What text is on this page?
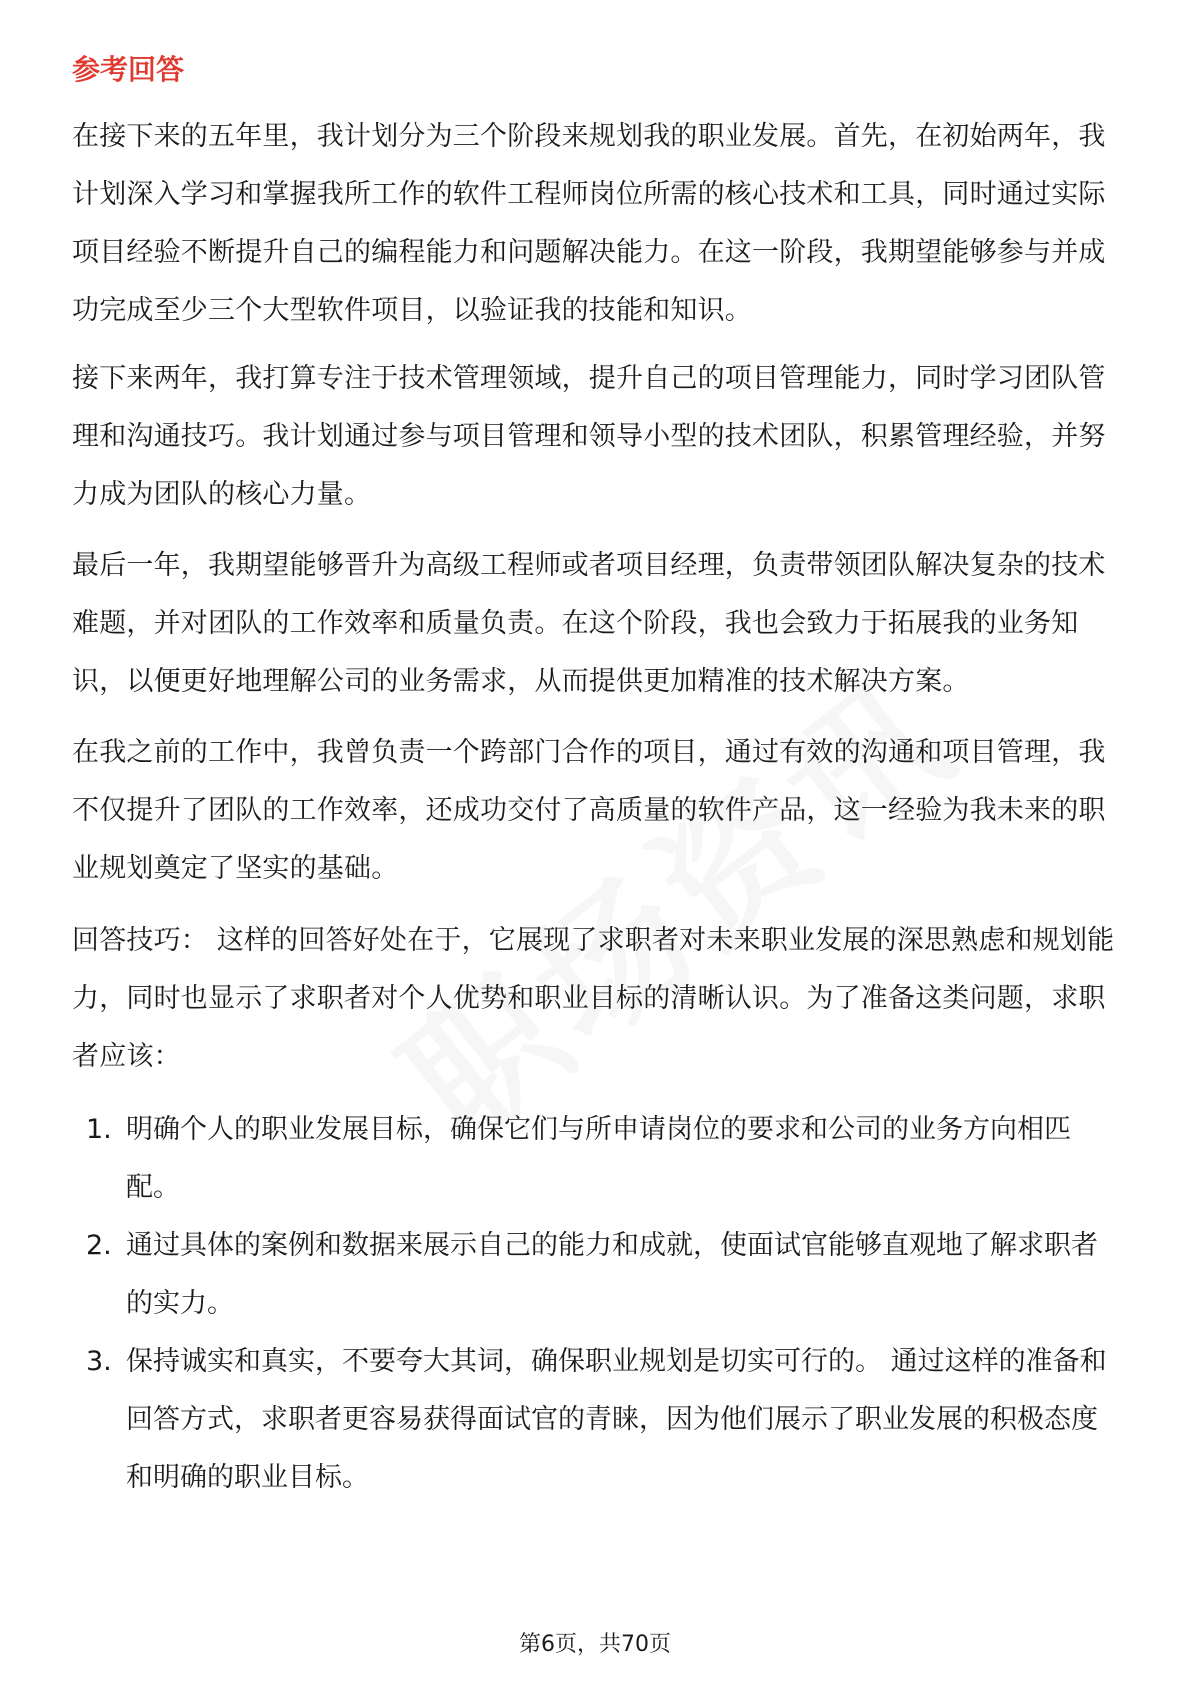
参考回答

在接下来的五年里，我计划分为三个阶段来规划我的职业发展。首先，在初始两年，我计划深入学习和掌握我所工作的软件工程师岗位所需的核心技术和工具，同时通过实际项目经验不断提升自己的编程能力和问题解决能力。在这一阶段，我期望能够参与并成功完成至少三个大型软件项目，以验证我的技能和知识。

接下来两年，我打算专注于技术管理领域，提升自己的项目管理能力，同时学习团队管理和沟通技巧。我计划通过参与项目管理和领导小型的技术团队，积累管理经验，并努力成为团队的核心力量。

最后一年，我期望能够晋升为高级工程师或者项目经理，负责带领团队解决复杂的技术难题，并对团队的工作效率和质量负责。在这个阶段，我也会致力于拓展我的业务知识，以便更好地理解公司的业务需求，从而提供更加精准的技术解决方案。

在我之前的工作中，我曾负责一个跨部门合作的项目，通过有效的沟通和项目管理，我不仅提升了团队的工作效率，还成功交付了高质量的软件产品，这一经验为我未来的职业规划奠定了坚实的基础。

回答技巧： 这样的回答好处在于，它展现了求职者对未来职业发展的深思熟虑和规划能力，同时也显示了求职者对个人优势和职业目标的清晰认识。为了准备这类问题，求职者应该：

1. 明确个人的职业发展目标，确保它们与所申请岗位的要求和公司的业务方向相匹配。
2. 通过具体的案例和数据来展示自己的能力和成就，使面试官能够直观地了解求职者的实力。
3. 保持诚实和真实，不要夸大其词，确保职业规划是切实可行的。 通过这样的准备和回答方式，求职者更容易获得面试官的青睐，因为他们展示了职业发展的积极态度和明确的职业目标。
第6页，共70页
